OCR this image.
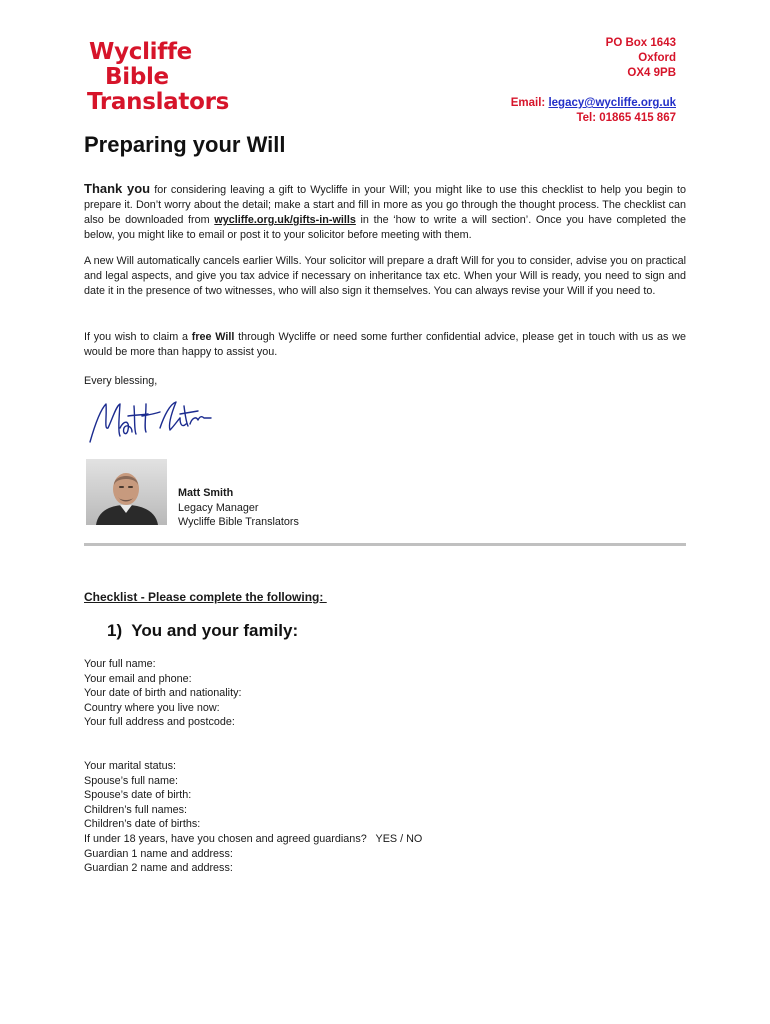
Wycliffe
Bible
Translators
PO Box 1643
Oxford
OX4 9PB
Email: legacy@wycliffe.org.uk
Tel: 01865 415 867
Preparing your Will
Thank you for considering leaving a gift to Wycliffe in your Will; you might like to use this checklist to help you begin to prepare it. Don’t worry about the detail; make a start and fill in more as you go through the thought process. The checklist can also be downloaded from wycliffe.org.uk/gifts-in-wills in the ‘how to write a will section’. Once you have completed the below, you might like to email or post it to your solicitor before meeting with them.
A new Will automatically cancels earlier Wills. Your solicitor will prepare a draft Will for you to consider, advise you on practical and legal aspects, and give you tax advice if necessary on inheritance tax etc. When your Will is ready, you need to sign and date it in the presence of two witnesses, who will also sign it themselves. You can always revise your Will if you need to.
If you wish to claim a free Will through Wycliffe or need some further confidential advice, please get in touch with us as we would be more than happy to assist you.
Every blessing,
Matt Smith
Legacy Manager
Wycliffe Bible Translators
Checklist - Please complete the following:
1)  You and your family:
Your full name:
Your email and phone:
Your date of birth and nationality:
Country where you live now:
Your full address and postcode:
Your marital status:
Spouse’s full name:
Spouse’s date of birth:
Children’s full names:
Children’s date of births:
If under 18 years, have you chosen and agreed guardians?   YES / NO
Guardian 1 name and address:
Guardian 2 name and address:
